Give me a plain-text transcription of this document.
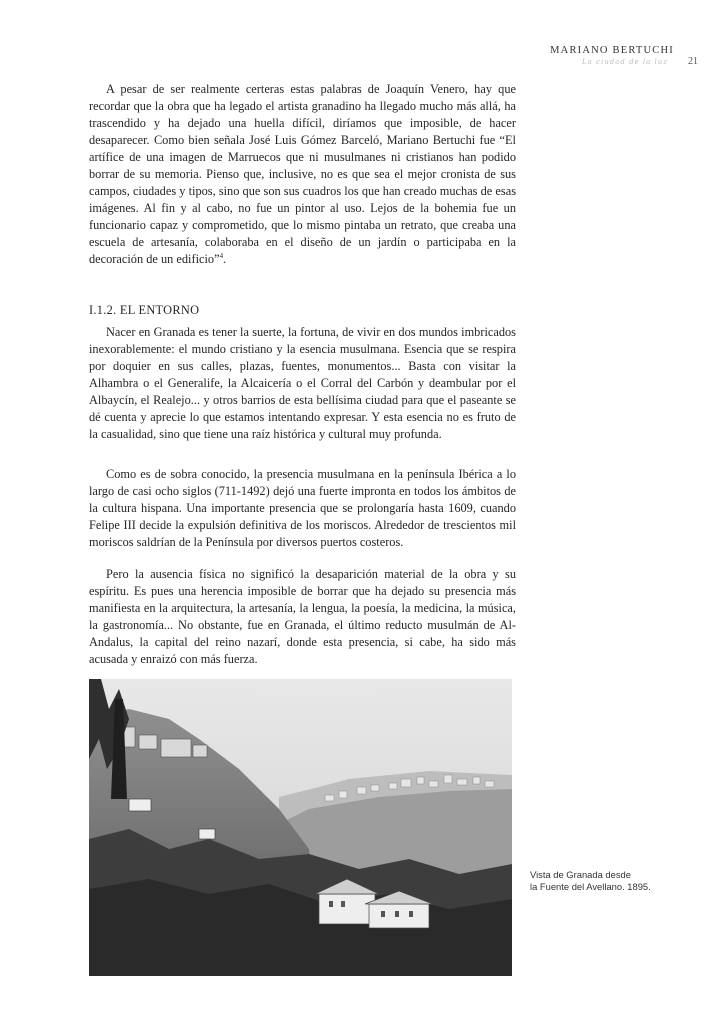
MARIANO BERTUCHI
21
La ciudad de la luz

A pesar de ser realmente certeras estas palabras de Joaquín Venero, hay que recordar que la obra que ha legado el artista granadino ha llegado mucho más allá, ha trascendido y ha dejado una huella difícil, diríamos que imposible, de hacer desaparecer. Como bien señala José Luis Gómez Barceló, Mariano Bertuchi fue “El artífice de una imagen de Marruecos que ni musulmanes ni cristianos han podido borrar de su memoria. Pienso que, inclusive, no es que sea el mejor cronista de sus campos, ciudades y tipos, sino que son sus cuadros los que han creado muchas de esas imágenes. Al fin y al cabo, no fue un pintor al uso. Lejos de la bohemia fue un funcionario capaz y comprometido, que lo mismo pintaba un retrato, que creaba una escuela de artesanía, colaboraba en el diseño de un jardín o participaba en la decoración de un edificio”$^4$.

I.1.2. EL ENTORNO

Nacer en Granada es tener la suerte, la fortuna, de vivir en dos mundos imbricados inexorablemente: el mundo cristiano y la esencia musulmana. Esencia que se respira por doquier en sus calles, plazas, fuentes, monumentos... Basta con visitar la Alhambra o el Generalife, la Alcaicería o el Corral del Carbón y deambular por el Albaycín, el Realejo... y otros barrios de esta bellísima ciudad para que el paseante se dé cuenta y aprecie lo que estamos intentando expresar. Y esta esencia no es fruto de la casualidad, sino que tiene una raíz histórica y cultural muy profunda.

Como es de sobra conocido, la presencia musulmana en la península Ibérica a lo largo de casi ocho siglos (711-1492) dejó una fuerte impronta en todos los ámbitos de la cultura hispana. Una importante presencia que se prolongaría hasta 1609, cuando Felipe III decide la expulsión definitiva de los moriscos. Alrededor de trescientos mil moriscos saldrían de la Península por diversos puertos costeros.

Pero la ausencia física no significó la desaparición material de la obra y su espíritu. Es pues una herencia imposible de borrar que ha dejado su presencia más manifiesta en la arquitectura, la artesanía, la lengua, la poesía, la medicina, la música, la gastronomía... No obstante, fue en Granada, el último reducto musulmán de Al-Andalus, la capital del reino nazarí, donde esta presencia, si cabe, ha sido más acusada y enraizó con más fuerza.

Vista de Granada desde
la Fuente del Avellano. 1895.
